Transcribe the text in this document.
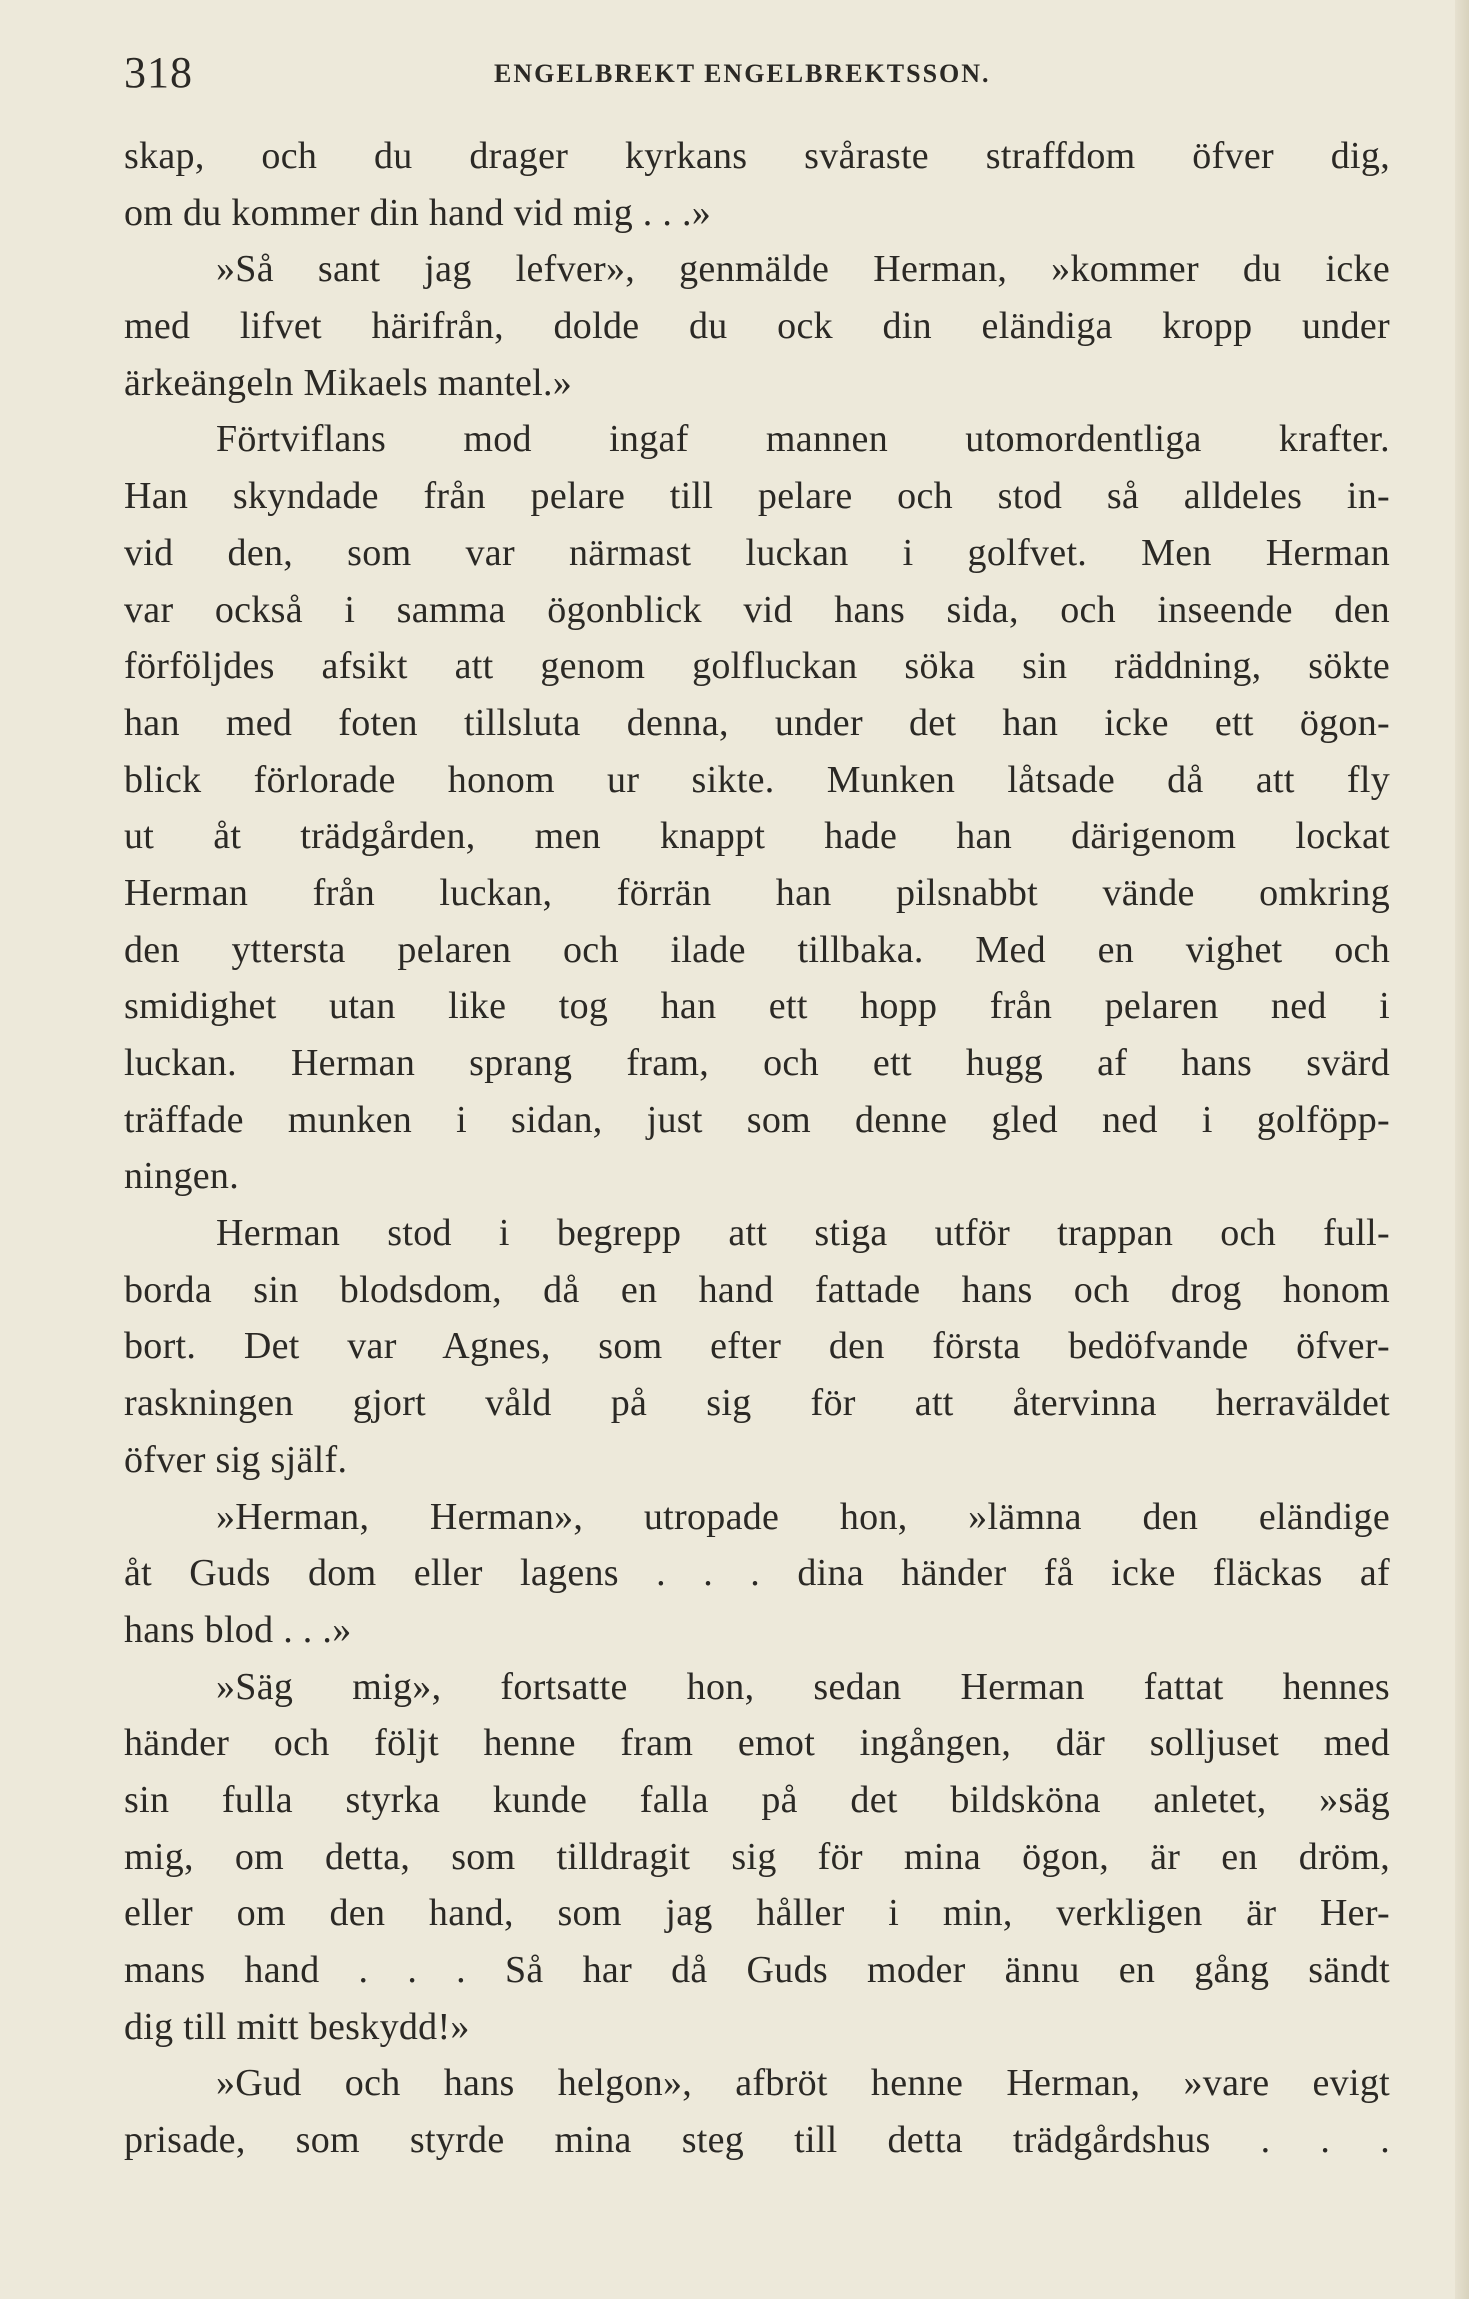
318	ENGELBREKT ENGELBREKTSSON.
skap, och du drager kyrkans svåraste straffdom öfver dig,
om du kommer din hand vid mig . . .»
»Så sant jag lefver», genmälde Herman, »kommer du icke
med lifvet härifrån, dolde du ock din eländiga kropp under
ärkeängeln Mikaels mantel.»
Förtviflans mod ingaf mannen utomordentliga krafter.
Han skyndade från pelare till pelare och stod så alldeles in-
vid den, som var närmast luckan i golfvet. Men Herman
var också i samma ögonblick vid hans sida, och inseende den
förföljdes afsikt att genom golfluckan söka sin räddning, sökte
han med foten tillsluta denna, under det han icke ett ögon-
blick förlorade honom ur sikte. Munken låtsade då att fly
ut åt trädgården, men knappt hade han därigenom lockat
Herman från luckan, förrän han pilsnabbt vände omkring
den yttersta pelaren och ilade tillbaka. Med en vighet och
smidighet utan like tog han ett hopp från pelaren ned i
luckan. Herman sprang fram, och ett hugg af hans svärd
träffade munken i sidan, just som denne gled ned i golföpp-
ningen.
Herman stod i begrepp att stiga utför trappan och full-
borda sin blodsdom, då en hand fattade hans och drog honom
bort. Det var Agnes, som efter den första bedöfvande öfver-
raskningen gjort våld på sig för att återvinna herraväldet
öfver sig själf.
»Herman, Herman», utropade hon, »lämna den eländige
åt Guds dom eller lagens . . . dina händer få icke fläckas af
hans blod . . .»
»Säg mig», fortsatte hon, sedan Herman fattat hennes
händer och följt henne fram emot ingången, där solljuset med
sin fulla styrka kunde falla på det bildsköna anletet, »säg
mig, om detta, som tilldragit sig för mina ögon, är en dröm,
eller om den hand, som jag håller i min, verkligen är Her-
mans hand . . . Så har då Guds moder ännu en gång sändt
dig till mitt beskydd!»
»Gud och hans helgon», afbröt henne Herman, »vare evigt
prisade, som styrde mina steg till detta trädgårdshus . . .
